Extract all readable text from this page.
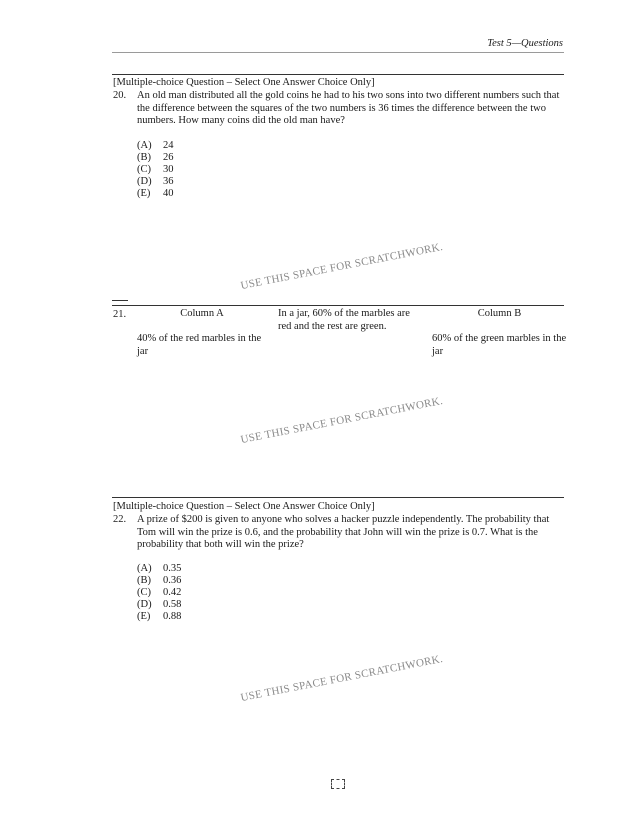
Test 5—Questions
[Multiple-choice Question – Select One Answer Choice Only]
20. An old man distributed all the gold coins he had to his two sons into two different numbers such that
the difference between the squares of the two numbers is 36 times the difference between the two
numbers. How many coins did the old man have?
(A) 24
(B) 26
(C) 30
(D) 36
(E) 40
USE THIS SPACE FOR SCRATCHWORK.
21.	Column A	In a jar, 60% of the marbles are
red and the rest are green.
Column B
40% of the red marbles in the
jar
60% of the green marbles in the
jar
USE THIS SPACE FOR SCRATCHWORK.
[Multiple-choice Question – Select One Answer Choice Only]
22. A prize of $200 is given to anyone who solves a hacker puzzle independently. The probability that
Tom will win the prize is 0.6, and the probability that John will win the prize is 0.7. What is the
probability that both will win the prize?
(A) 0.35
(B) 0.36
(C) 0.42
(D) 0.58
(E) 0.88
USE THIS SPACE FOR SCRATCHWORK.
